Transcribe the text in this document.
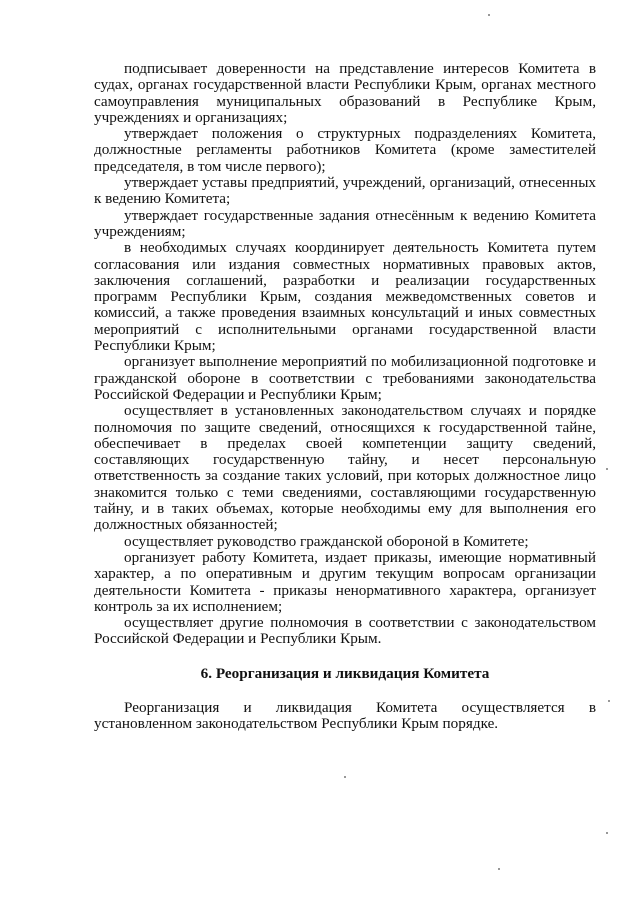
подписывает доверенности на представление интересов Комитета в судах, органах государственной власти Республики Крым, органах местного самоуправления муниципальных образований в Республике Крым, учреждениях и организациях;

утверждает положения о структурных подразделениях Комитета, должностные регламенты работников Комитета (кроме заместителей председателя, в том числе первого);

утверждает уставы предприятий, учреждений, организаций, отнесенных к ведению Комитета;

утверждает государственные задания отнесённым к ведению Комитета учреждениям;

в необходимых случаях координирует деятельность Комитета путем согласования или издания совместных нормативных правовых актов, заключения соглашений, разработки и реализации государственных программ Республики Крым, создания межведомственных советов и комиссий, а также проведения взаимных консультаций и иных совместных мероприятий с исполнительными органами государственной власти Республики Крым;

организует выполнение мероприятий по мобилизационной подготовке и гражданской обороне в соответствии с требованиями законодательства Российской Федерации и Республики Крым;

осуществляет в установленных законодательством случаях и порядке полномочия по защите сведений, относящихся к государственной тайне, обеспечивает в пределах своей компетенции защиту сведений, составляющих государственную тайну, и несет персональную ответственность за создание таких условий, при которых должностное лицо знакомится только с теми сведениями, составляющими государственную тайну, и в таких объемах, которые необходимы ему для выполнения его должностных обязанностей;

осуществляет руководство гражданской обороной в Комитете;

организует работу Комитета, издает приказы, имеющие нормативный характер, а по оперативным и другим текущим вопросам организации деятельности Комитета - приказы ненормативного характера, организует контроль за их исполнением;

осуществляет другие полномочия в соответствии с законодательством Российской Федерации и Республики Крым.

6. Реорганизация и ликвидация Комитета

Реорганизация и ликвидация Комитета осуществляется в установленном законодательством Республики Крым порядке.
